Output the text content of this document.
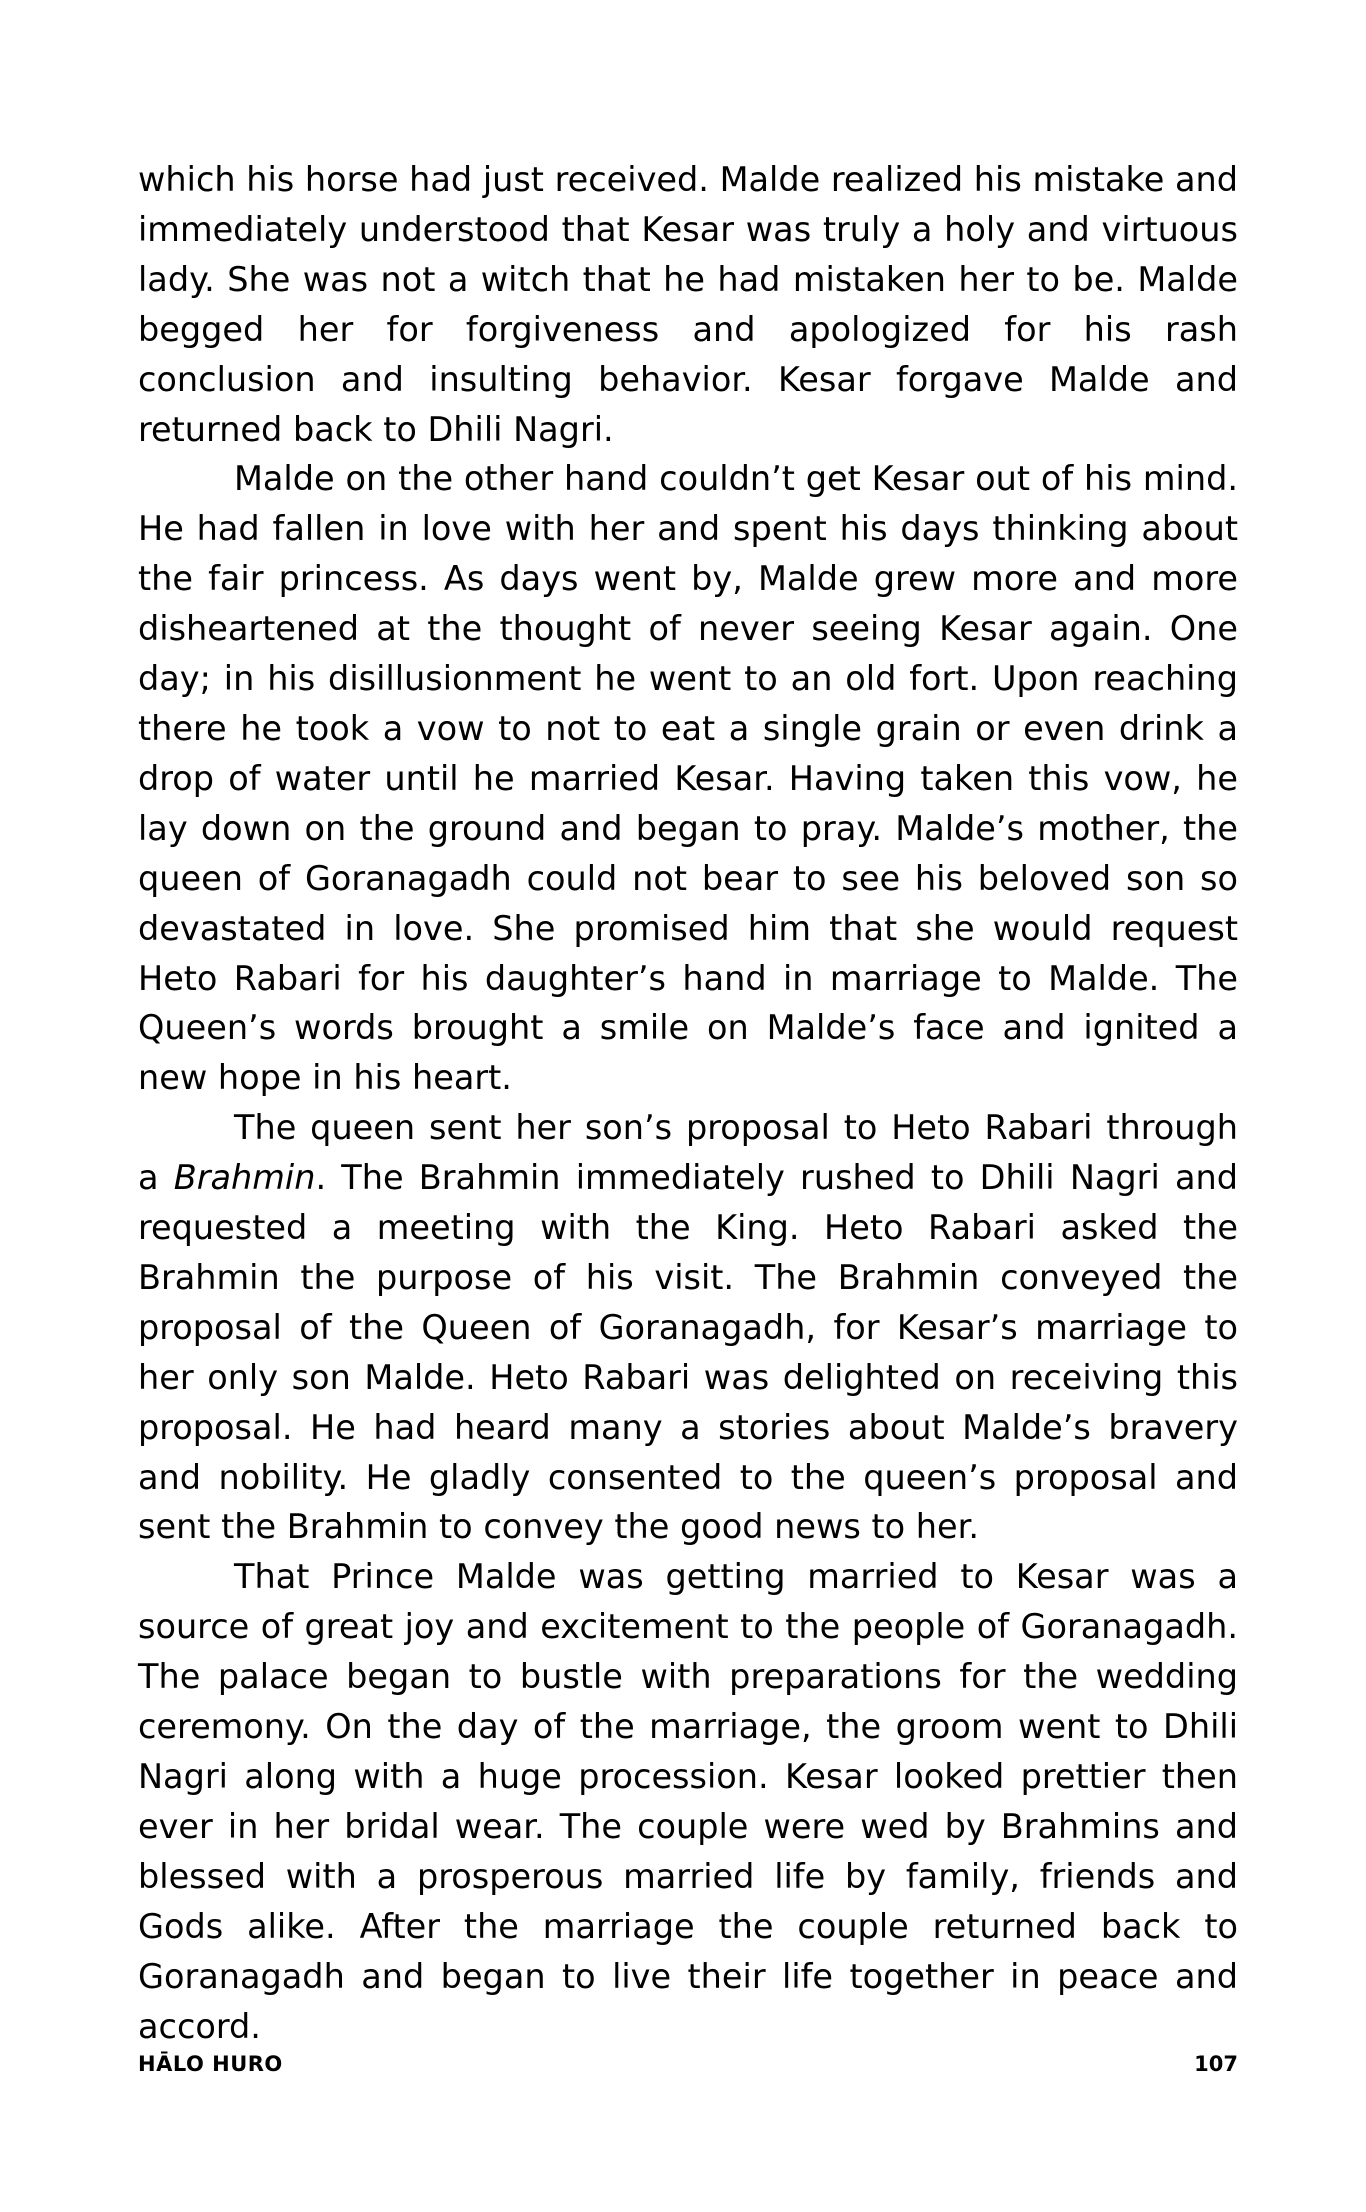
which his horse had just received. Malde realized his mistake and immediately understood that Kesar was truly a holy and virtuous lady. She was not a witch that he had mistaken her to be. Malde begged her for forgiveness and apologized for his rash conclusion and insulting behavior. Kesar forgave Malde and returned back to Dhili Nagri.

Malde on the other hand couldn’t get Kesar out of his mind. He had fallen in love with her and spent his days thinking about the fair princess. As days went by, Malde grew more and more disheartened at the thought of never seeing Kesar again. One day; in his disillusionment he went to an old fort. Upon reaching there he took a vow to not to eat a single grain or even drink a drop of water until he married Kesar. Having taken this vow, he lay down on the ground and began to pray. Malde’s mother, the queen of Goranagadh could not bear to see his beloved son so devastated in love. She promised him that she would request Heto Rabari for his daughter’s hand in marriage to Malde. The Queen’s words brought a smile on Malde’s face and ignited a new hope in his heart.

The queen sent her son’s proposal to Heto Rabari through a Brahmin. The Brahmin immediately rushed to Dhili Nagri and requested a meeting with the King. Heto Rabari asked the Brahmin the purpose of his visit. The Brahmin conveyed the proposal of the Queen of Goranagadh, for Kesar’s marriage to her only son Malde. Heto Rabari was delighted on receiving this proposal. He had heard many a stories about Malde’s bravery and nobility. He gladly consented to the queen’s proposal and sent the Brahmin to convey the good news to her.

That Prince Malde was getting married to Kesar was a source of great joy and excitement to the people of Goranagadh. The palace began to bustle with preparations for the wedding ceremony. On the day of the marriage, the groom went to Dhili Nagri along with a huge procession. Kesar looked prettier then ever in her bridal wear. The couple were wed by Brahmins and blessed with a prosperous married life by family, friends and Gods alike. After the marriage the couple returned back to Goranagadh and began to live their life together in peace and accord.

HĀLO HURO	107
